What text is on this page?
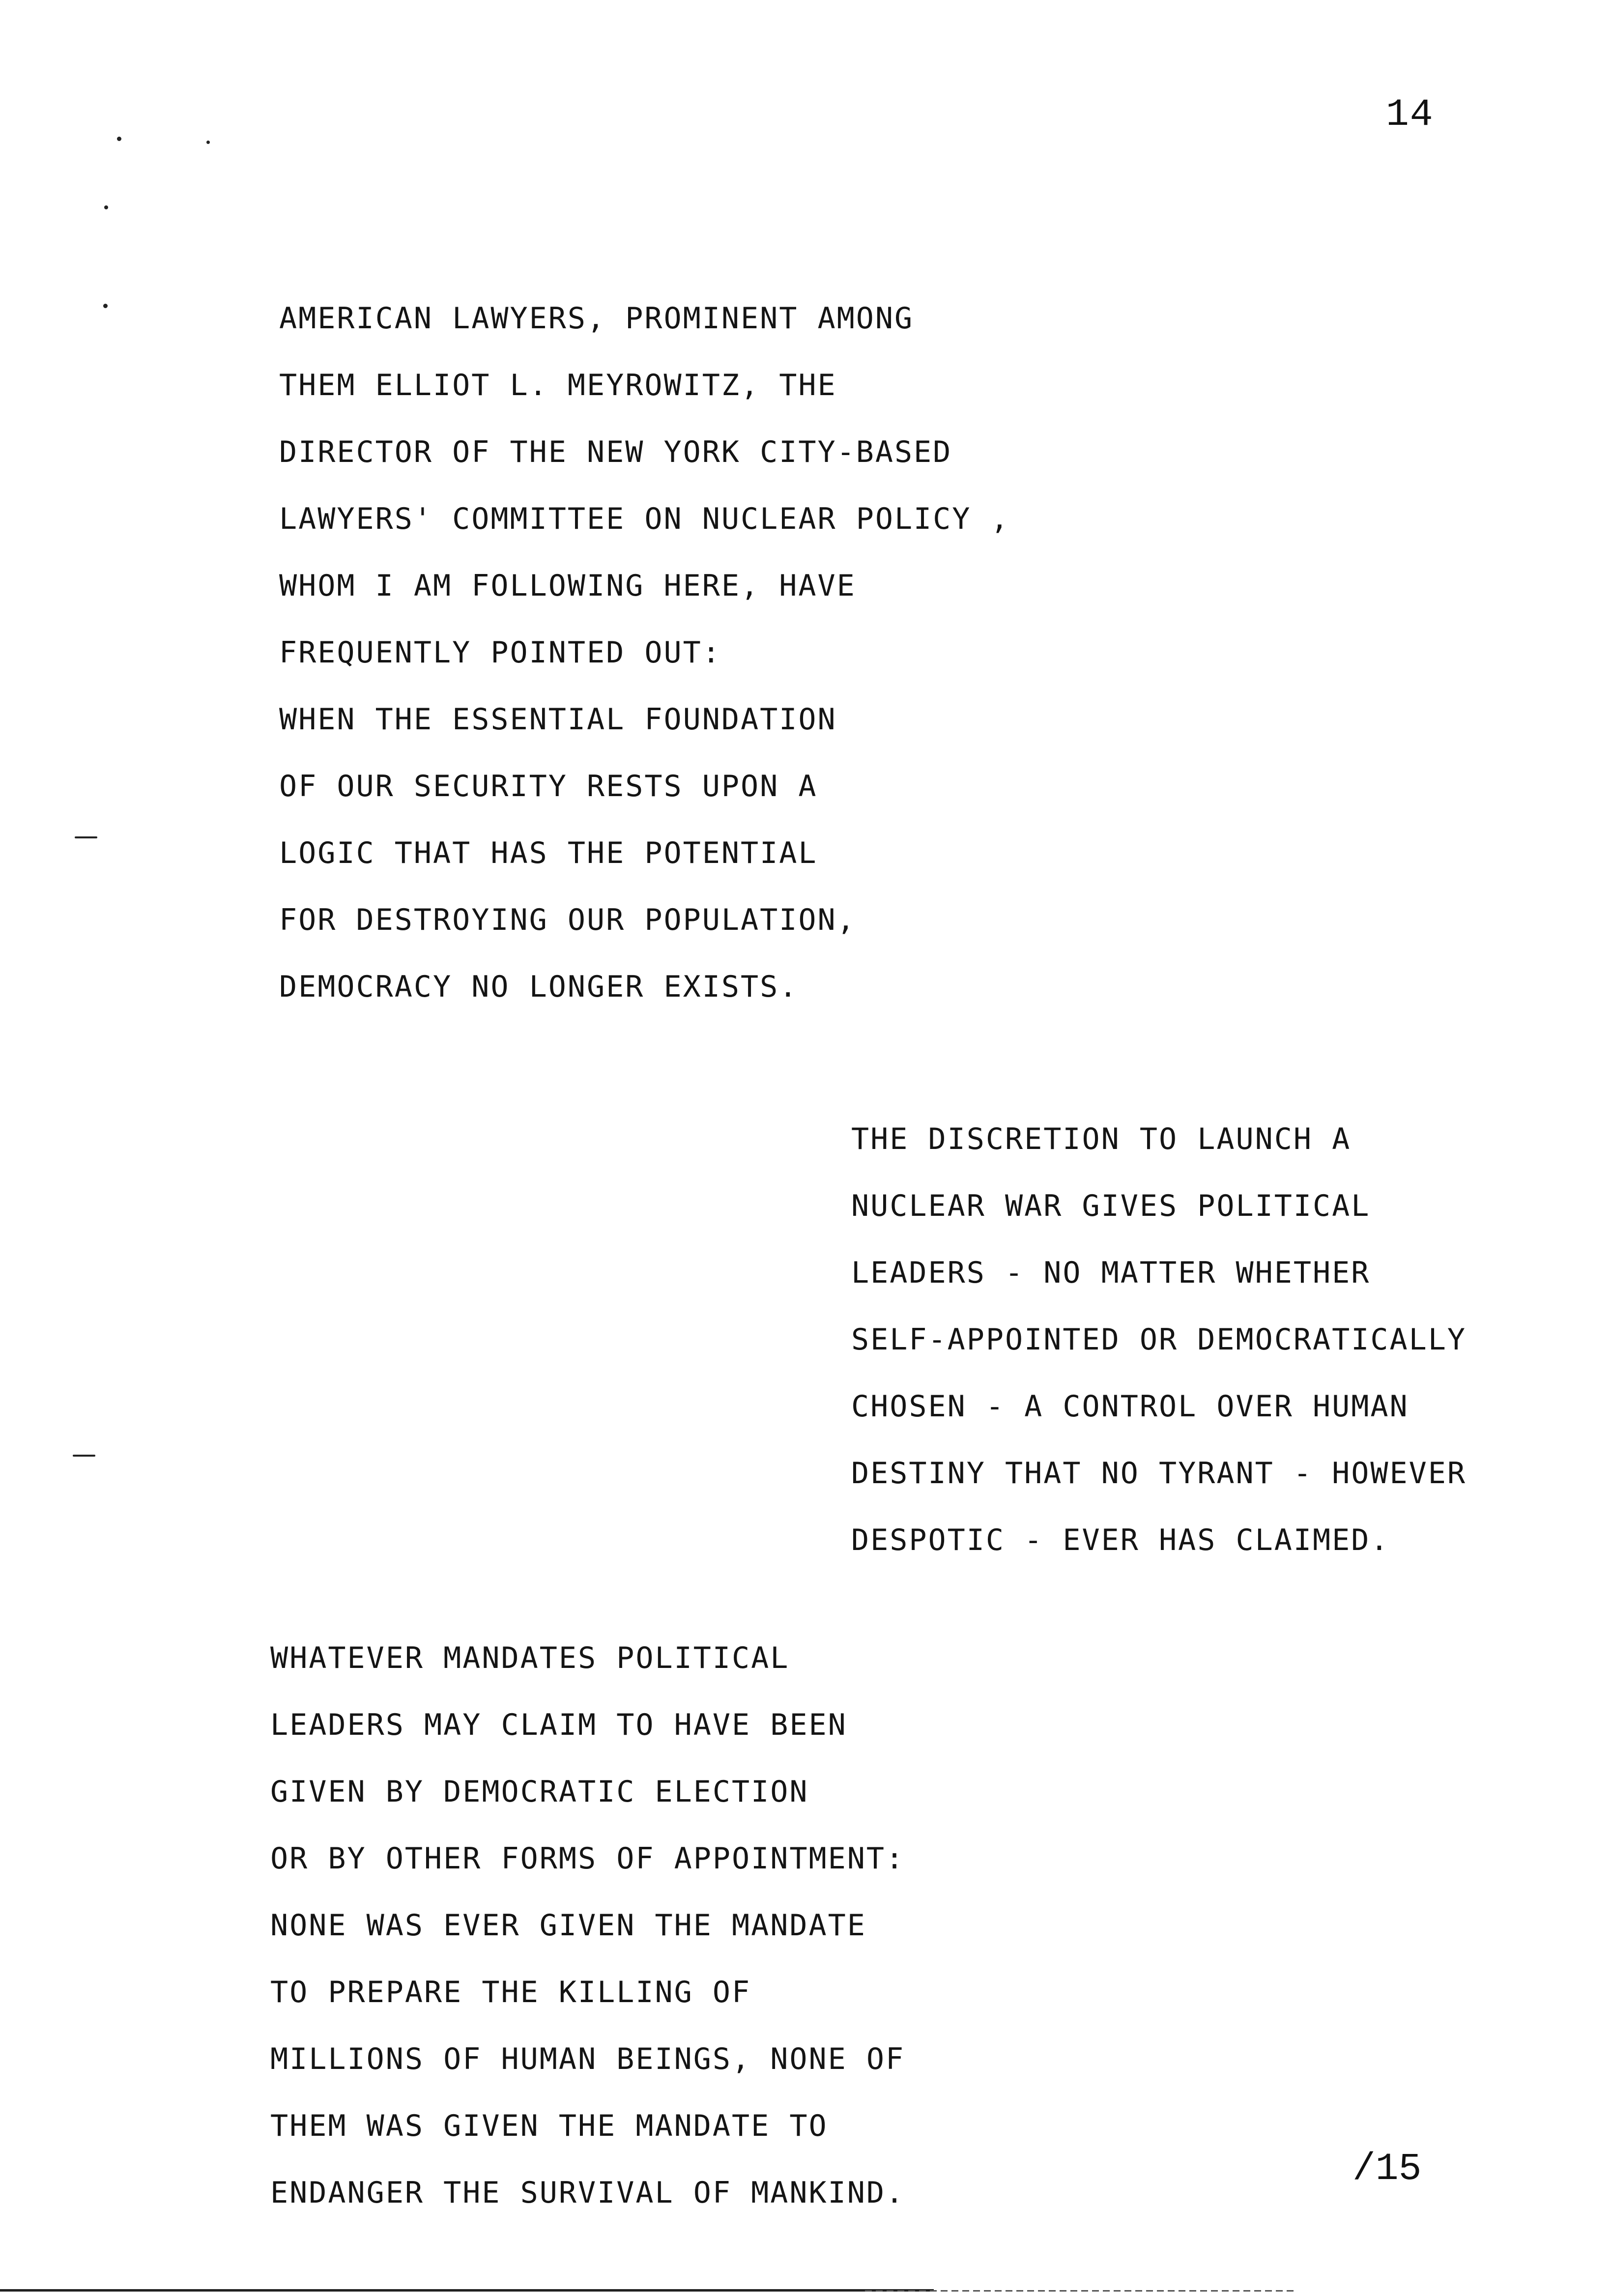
14
AMERICAN LAWYERS, PROMINENT AMONG
THEM ELLIOT L. MEYROWITZ, THE
DIRECTOR OF THE NEW YORK CITY-BASED
LAWYERS' COMMITTEE ON NUCLEAR POLICY ,
WHOM I AM FOLLOWING HERE, HAVE
FREQUENTLY POINTED OUT:
WHEN THE ESSENTIAL FOUNDATION
OF OUR SECURITY RESTS UPON A
LOGIC THAT HAS THE POTENTIAL
FOR DESTROYING OUR POPULATION,
DEMOCRACY NO LONGER EXISTS.
THE DISCRETION TO LAUNCH A
NUCLEAR WAR GIVES POLITICAL
LEADERS - NO MATTER WHETHER
SELF-APPOINTED OR DEMOCRATICALLY
CHOSEN - A CONTROL OVER HUMAN
DESTINY THAT NO TYRANT - HOWEVER
DESPOTIC - EVER HAS CLAIMED.
WHATEVER MANDATES POLITICAL
LEADERS MAY CLAIM TO HAVE BEEN
GIVEN BY DEMOCRATIC ELECTION
OR BY OTHER FORMS OF APPOINTMENT:
NONE WAS EVER GIVEN THE MANDATE
TO PREPARE THE KILLING OF
MILLIONS OF HUMAN BEINGS, NONE OF
THEM WAS GIVEN THE MANDATE TO
ENDANGER THE SURVIVAL OF MANKIND.
/15
